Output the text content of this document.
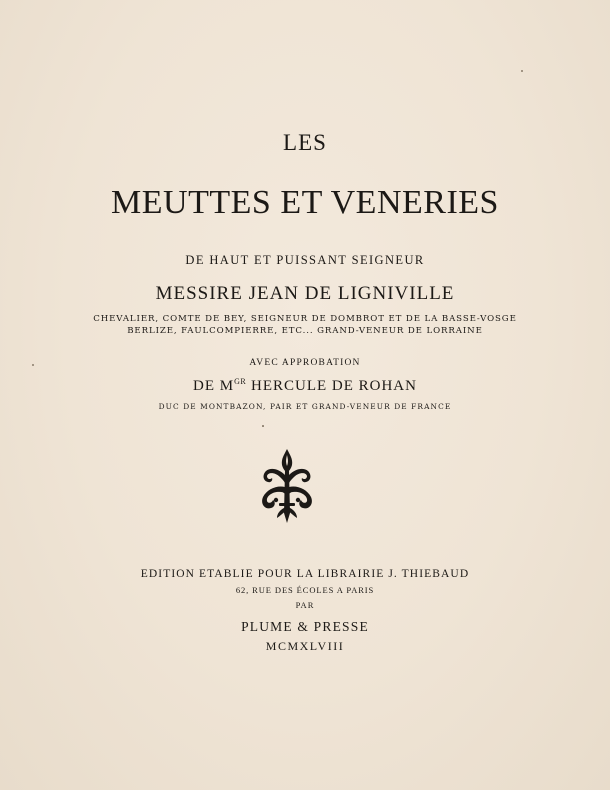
LES
MEUTTES ET VENERIES
DE HAUT ET PUISSANT SEIGNEUR
MESSIRE JEAN DE LIGNIVILLE
CHEVALIER, COMTE DE BEY, SEIGNEUR DE DOMBROT ET DE LA BASSE-VOSGE
BERLIZE, FAULCOMPIERRE, ETC... GRAND-VENEUR DE LORRAINE
AVEC APPROBATION
DE $M^{GR}$ HERCULE DE ROHAN
DUC DE MONTBAZON, PAIR ET GRAND-VENEUR DE FRANCE
EDITION ETABLIE POUR LA LIBRAIRIE J. THIEBAUD
62, RUE DES ÉCOLES A PARIS
PAR
PLUME & PRESSE
MCMXLVIII
